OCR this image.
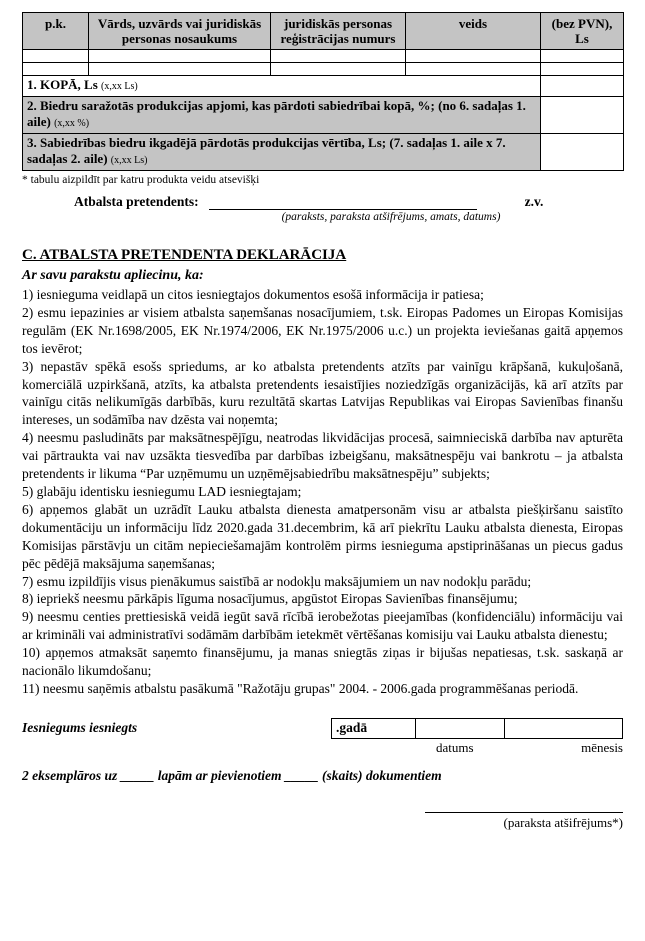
p.k.	Vārds, uzvārds vai juridiskās personas nosaukums	juridiskās personas reģistrācijas numurs	veids	(bez PVN), Ls

1. KOPĀ, Ls (x,xx Ls)				
2. Biedru saražotās produkcijas apjomi, kas pārdoti sabiedrībai kopā, %; (no 6. sadaļas 1. aile) (x,xx %)				
3. Sabiedrības biedru ikgadējā pārdotās produkcijas vērtība, Ls; (7. sadaļas 1. aile x 7. sadaļas 2. aile) (x,xx Ls)				
* tabulu aizpildīt par katru produkta veidu atsevišķi
Atbalsta pretendents:	z.v.
(paraksts, paraksta atšifrējums, amats, datums)
C. ATBALSTA PRETENDENTA DEKLARĀCIJA
Ar savu parakstu apliecinu, ka:
1) iesnieguma veidlapā un citos iesniegtajos dokumentos esošā informācija ir patiesa;
2) esmu iepazinies ar visiem atbalsta saņemšanas nosacījumiem, t.sk. Eiropas Padomes un Eiropas Komisijas regulām (EK Nr.1698/2005, EK Nr.1974/2006, EK Nr.1975/2006 u.c.) un projekta ieviešanas gaitā apņemos tos ievērot;
3) nepastāv spēkā esošs spriedums, ar ko atbalsta pretendents atzīts par vainīgu krāpšanā, kukuļošanā, komerciālā uzpirkšanā, atzīts, ka atbalsta pretendents iesaistījies noziedzīgās organizācijās, kā arī atzīts par vainīgu citās nelikumīgās darbībās, kuru rezultātā skartas Latvijas Republikas vai Eiropas Savienības finanšu intereses, un sodāmība nav dzēsta vai noņemta;
4) neesmu pasludināts par maksātnespējīgu, neatrodas likvidācijas procesā, saimnieciskā darbība nav apturēta vai pārtraukta vai nav uzsākta tiesvedība par darbības izbeigšanu, maksātnespēju vai bankrotu – ja atbalsta pretendents ir likuma “Par uzņēmumu un uzņēmējsabiedrību maksātnespēju” subjekts;
5) glabāju identisku iesniegumu LAD iesniegtajam;
6) apņemos glabāt un uzrādīt Lauku atbalsta dienesta amatpersonām visu ar atbalsta piešķiršanu saistīto dokumentāciju un informāciju līdz 2020.gada 31.decembrim, kā arī piekrītu Lauku atbalsta dienesta, Eiropas Komisijas pārstāvju un citām nepieciešamajām kontrolēm pirms iesnieguma apstiprināšanas un piecus gadus pēc pēdējā maksājuma saņemšanas;
7) esmu izpildījis visus pienākumus saistībā ar nodokļu maksājumiem un nav nodokļu parādu;
8) iepriekš neesmu pārkāpis līguma nosacījumus, apgūstot Eiropas Savienības finansējumu;
9) neesmu centies prettiesiskā veidā iegūt savā rīcībā ierobežotas pieejamības (konfidenciālu) informāciju vai ar krimināli vai administratīvi sodāmām darbībām ietekmēt vērtēšanas komisiju vai Lauku atbalsta dienestu;
10) apņemos atmaksāt saņemto finansējumu, ja manas sniegtās ziņas ir bijušas nepatiesas, t.sk. saskaņā ar nacionālo likumdošanu;
11) neesmu saņēmis atbalstu pasākumā "Ražotāju grupas" 2004. - 2006.gada programmēšanas periodā.
Iesniegums iesniegts	.gadā		
datums	mēnesis
2 eksemplāros uz _____ lapām ar pievienotiem _____ (skaits) dokumentiem
(paraksta atšifrējums*)
